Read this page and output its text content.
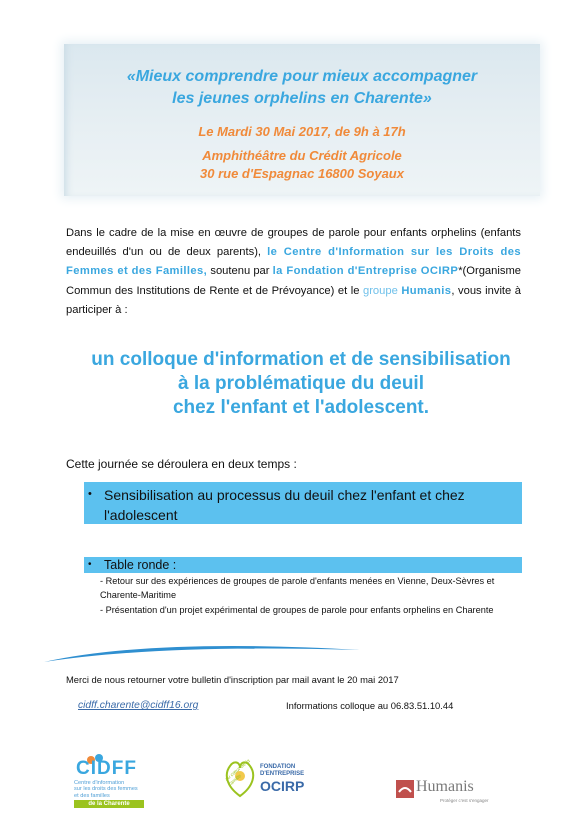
«Mieux comprendre pour mieux accompagner
les jeunes orphelins en Charente»
Le Mardi 30 Mai 2017, de 9h à 17h
Amphithéâtre du Crédit Agricole
30 rue d'Espagnac 16800 Soyaux
Dans le cadre de la mise en œuvre de groupes de parole pour enfants orphelins (enfants endeuillés d'un ou de deux parents), le Centre d'Information sur les Droits des Femmes et des Familles, soutenu par la Fondation d'Entreprise OCIRP*(Organisme Commun des Institutions de Rente et de Prévoyance) et le groupe Humanis, vous invite à participer à :
un colloque d'information et de sensibilisation
à la problématique du deuil
chez l'enfant et l'adolescent.
Cette journée se déroulera en deux temps :
• Sensibilisation au processus du deuil chez l'enfant et chez l'adolescent
• Table ronde :
- Retour sur des expériences de groupes de parole d'enfants menées en Vienne, Deux-Sèvres et Charente-Maritime
- Présentation d'un projet expérimental de groupes de parole pour enfants orphelins en Charente
Merci de nous retourner votre bulletin d'inscription par mail avant le 20 mai 2017
cidff.charente@cidff16.org	Informations colloque au 06.83.51.10.44
CIDFF
Centre d'information
sur les droits des femmes
et des familles
de la Charente
au cœur de la famille
FONDATION
D'ENTREPRISE
OCIRP	Humanis
Protéger c'est s'engager
